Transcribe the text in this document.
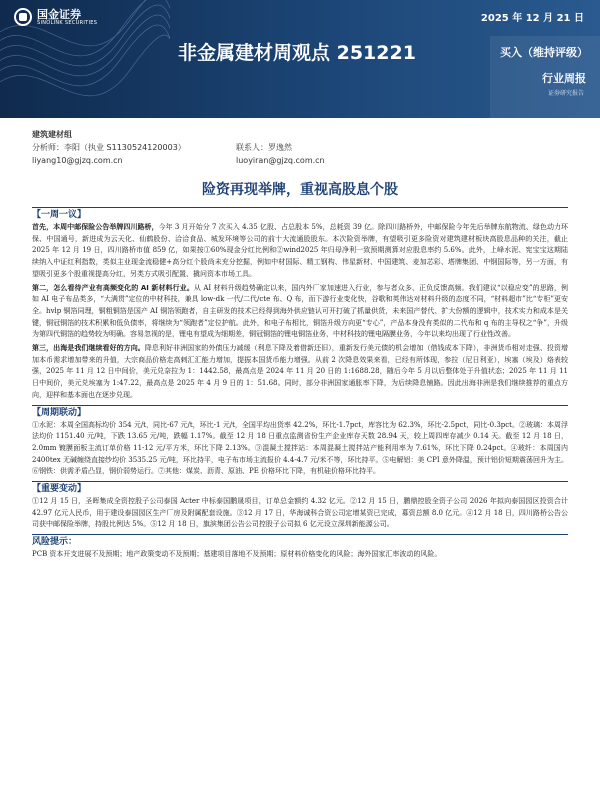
国金证券
SINOLINK SECURITIES	2025 年 12 月 21 日
非金属建材周观点 251221	买入（维持评级）
行业周报
证券研究报告
建筑建材组
分析师：李阳（执业 S1130524120003）	联系人：罗逸然
liyang10@gjzq.com.cn	luoyiran@gjzq.com.cn
险资再现举牌，重视高股息个股
【一周一议】

首先，本周中邮保险公告举牌四川路桥，今年 3 月开始分 7 次买入 4.35 亿股、占总股本 5%，总耗资 39 亿。除四川路桥外，中邮保险今年先后举牌东航物流、绿色动力环保、中国通号，新进成为云天化、仙鹤股份、洽洽食品、城发环境等公司的前十大流通股股东。本次险资举牌，有望吸引更多险资对建筑建材板块高股息品种的关注，截止 2025 年 12 月 19 日，四川路桥市值 859 亿，如果按①60%现金分红比例和②wind2025 年归母净利一致预期测算对应股息率约 5.6%。此外，上峰水泥、宪宝宝这期陆续纳入中证红利指数，类似主业现金流稳健+高分红个股尚未充分挖掘，例如中材国际、精工钢构、伟星新材、中国建筑、麦加芯彩、塔牌集团、中钢国际等，另一方面，有望吸引更多个股重视提高分红，另类方式吸引配置、撬问资本市场工具。

第二，怎么看待产业有高频变化的 AI 新材料行业。从 AI 材料升级趋势确定以来，国内外厂家加速进入行业，参与者众多、正负反馈高频。我们建议“以稳应变”的思路，例如 AI 电子布品类多，“大满贯”定位的中材科技，兼具 low-dk 一代/二代/cte 布、Q 布，而下游行业变化快，谷歌和英伟达对材料升级的态度不同，“材料超市”比“专柜”更安全。hvlp 铜箔同理，铜粗铜箔是国产 AI 铜箔领跑者，自主研发的技术已经得到海外供应链认可开打破了抓量供货，未来国产替代、扩大份额的逻辑中，技术实力和成本是关键，铜冠铜箔的技术积累和低负债率，将继续为“领跑者”定位护航。此外，和电子布相比，铜箔升级方向更“专心”，产品本身没有类似的二代布和 q 布的主导权之“争”，升级为第四代铜箔的趋势较为明确。容易忽视的是，锂电有望成为细期差，铜冠铜箔的锂电铜箔业务，中材科技的锂电隔膜业务，今年以来均出现了行业性改善。

第三，出海是我们继续看好的方向。降息利好非洲国家的外债压力减缓（利息下降及着借新还旧），重新发行美元债的机会增加（借钱成本下降），非洲货币相对走强、投资增加本币需求增加带来的升值，大宗商品价格走高刺汇汇能力增加，提振本国货币能力增强。从前 2 次降息效果来看，已经有所体现，参拉（尼日利亚），埃塞（埃及）烙表较强，2025 年 11 月 12 日中间价，美元兑奈拉为 1：1442.58，最高点是 2024 年 11 月 20 日的 1:1688.28，随后今年 5 月以后整体处于升值状态；2025 年 11 月 11 日中间价，美元兑埃塞为 1:47.22，最高点是 2025 年 4 月 9 日的 1：51.68。同时，部分非洲国家通胀率下降，为后续降息铺路。因此出海非洲是我们继续推荐的重点方向，迎样和基本面也在逐步兑现。

【周期联动】

①水泥：本周全国高标均价 354 元/t，同比-67 元/t，环比-1 元/t，全国平均出货率 42.2%，环比-1.7pct，库容比为 62.3%，环比-2.5pct，同比-0.3pct。②玻璃：本周浮法均价 1151.40 元/吨，下跌 13.65 元/吨，跌幅 1.17%。截至 12 月 18 日重点监测省份生产企业库存天数 28.94 天，较上周四库存减少 0.14 天。截至 12 月 18 日，2.0mm 镀膜面板主流订单价格 11-12 元/平方米，环比下降 2.13%。③混凝土搅拌站：本周混凝土搅拌站产能利用率为 7.61%，环比下降 0.24pct。④玻纤：本周国内 2400tex 无碱缠绕直接纱均价 3535.25 元/吨，环比持平，电子布市场主流报价 4.4-4.7 元/米不等，环比持平。⑤电解铝：美 CPI 意外降温，预计铝价短期震荡回升为主。⑥钢铁：供需矛盾凸显，钢价弱势运行。⑦其他：煤炭、沥青、原油、PE 价格环比下降，有机硅价格环比持平。

【重要变动】

①12 月 15 日，圣晖集成全资控股子公司泰国 Acter 中标泰国鹏晟项目，订单总金额约 4.32 亿元。②12 月 15 日，鹏鼎控股全资子公司 2026 年拟向泰国园区投资合计 42.97 亿元人民币，用于建设泰国园区生产厂房及附属配套设施。③12 月 17 日，华海诚科合资公司定增某资已完成，募资总额 8.0 亿元。④12 月 18 日，四川路桥公告公司获中邮保险举牌，持股比例达 5%。⑤12 月 18 日，旗滨集团公告公司控股子公司拟 6 亿元设立深圳新能源公司。

风险提示：

PCB 资本开支进展不及预期；地产政策变动不及预期；基建项目落地不及预期；原材料价格变化的风险；海外国家汇率波动的风险。
